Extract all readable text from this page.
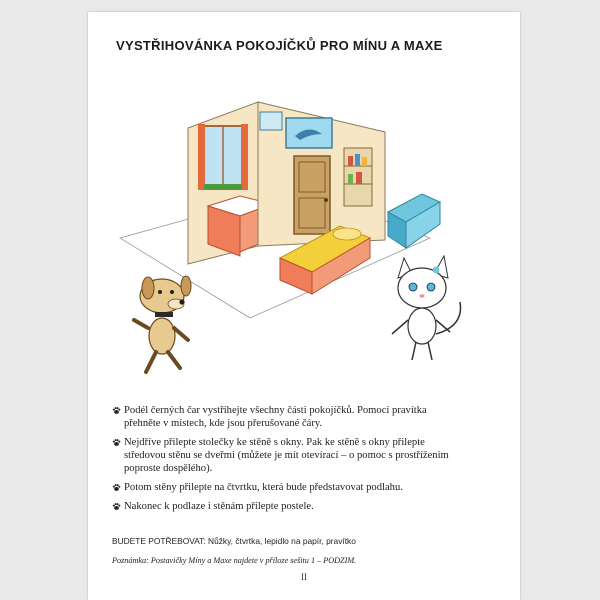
VYSTŘIHOVÁNKA POKOJÍČKŮ PRO MÍNU A MAXE
Podél černých čar vystřihejte všechny části pokojíčků. Pomocí pravítka přehněte v místech, kde jsou přerušované čáry.
Nejdříve přilepte stolečky ke stěně s okny. Pak ke stěně s okny přilepte středovou stěnu se dveřmi (můžete je mít otevírací – o pomoc s prostříženim poproste dospělého).
Potom stěny přilepte na čtvrtku, která bude představovat podlahu.
Nakonec k podlaze i stěnám přilepte postele.
BUDETE POTŘEBOVAT: Nůžky, čtvrtka, lepidlo na papír, pravítko
Poznámka: Postavičky Míny a Maxe najdete v příloze sešitu 1 – PODZIM.
II
